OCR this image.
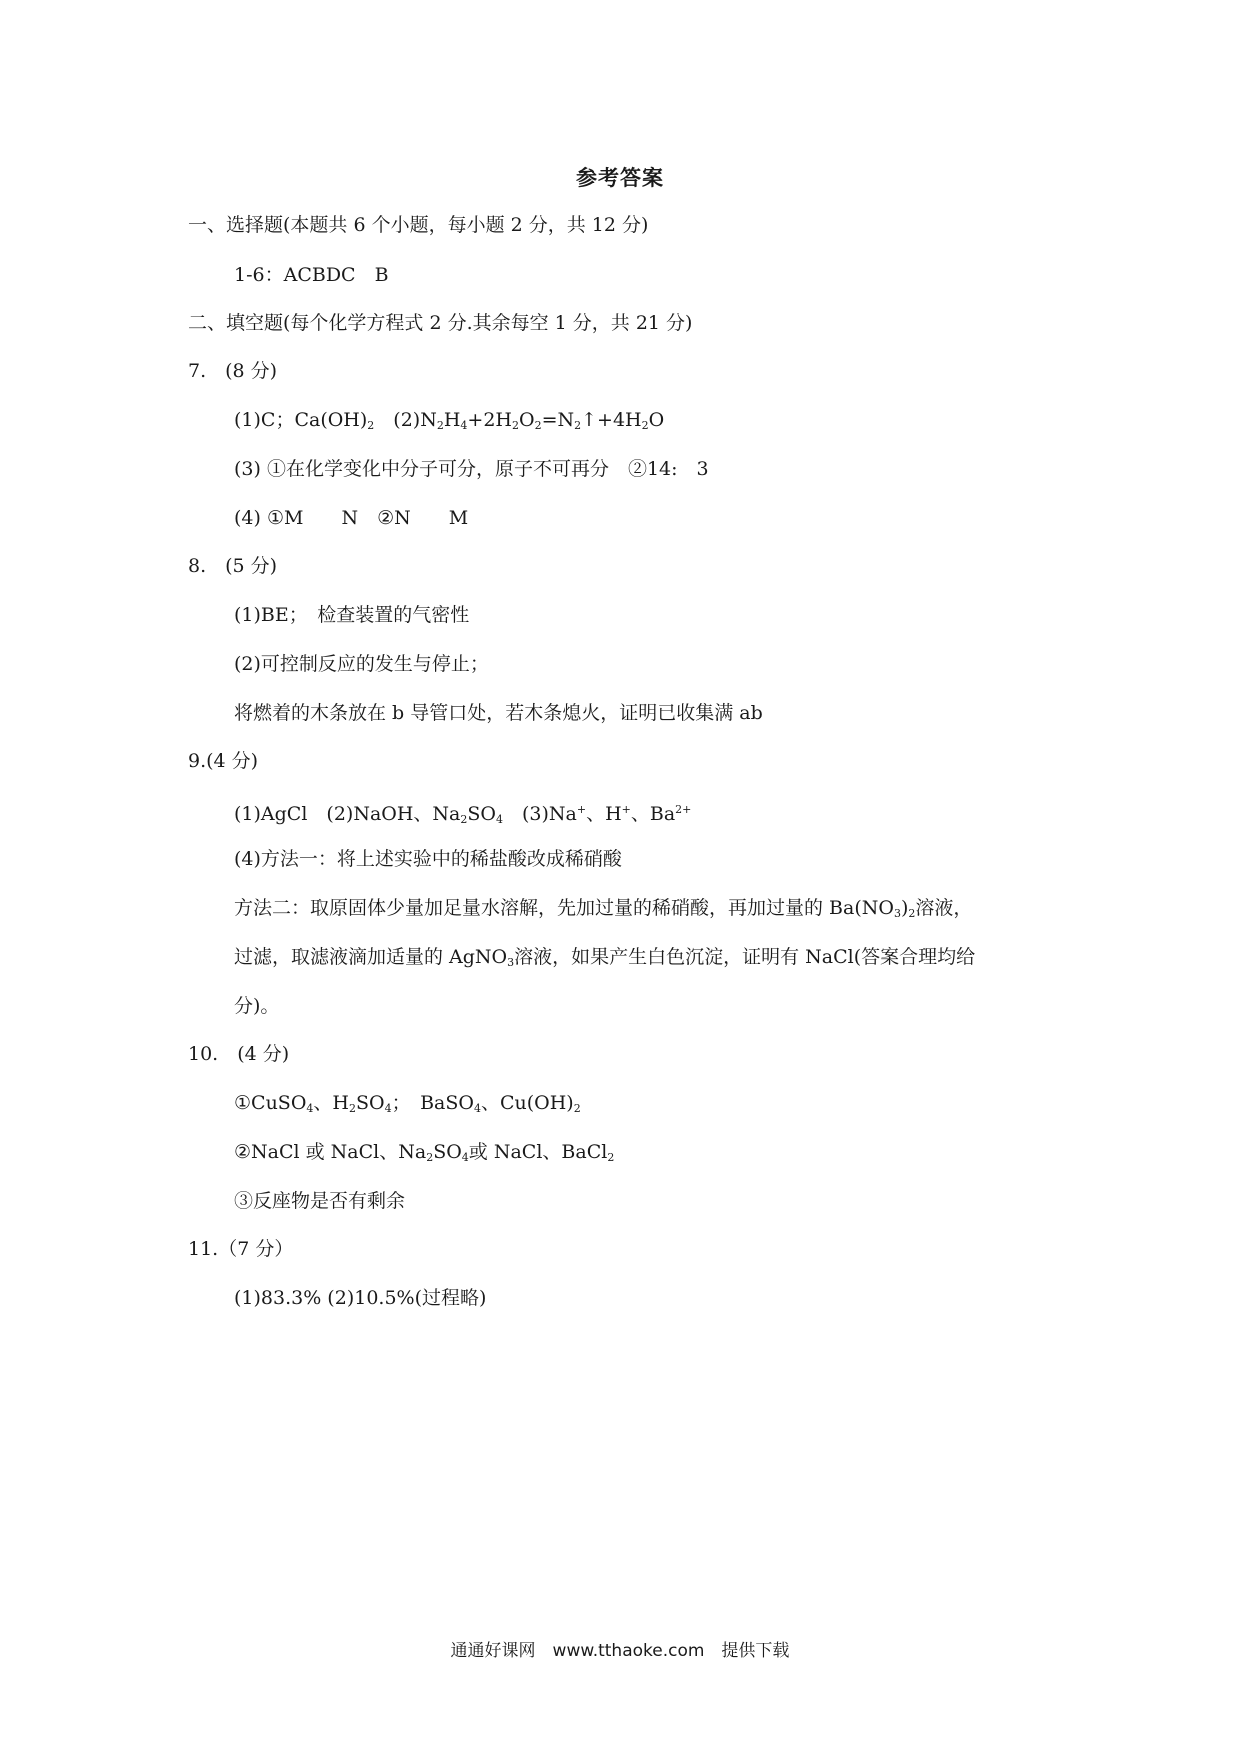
参考答案
一、选择题(本题共 6 个小题，每小题 2 分，共 12 分)
1-6：ACBDC　B
二、填空题(每个化学方程式 2 分.其余每空 1 分，共 21 分)
7.　(8 分)
(1)C；$Ca(OH)_2$　$(2)N_2H_4+2H_2O_2=N_2↑+4H_2O$
(3) ①在化学变化中分子可分，原子不可再分　②14:　3
(4) ①M　　N　②N　　M
8.　(5 分)
(1)BE；　检查装置的气密性
(2)可控制反应的发生与停止；
将燃着的木条放在 b 导管口处，若木条熄火，证明已收集满 ab
9.(4 分)
(1)AgCl　(2)NaOH、$Na_2SO_4$　(3)Na+、H+、$Ba^{2+}$
(4)方法一：将上述实验中的稀盐酸改成稀硝酸
方法二：取原固体少量加足量水溶解，先加过量的稀硝酸，再加过量的 $Ba(NO_3)_2$溶液，
过滤，取滤液滴加适量的 AgNO$_3$溶液，如果产生白色沉淀，证明有 NaCl(答案合理均给
分)。
10.　(4 分)
①CuSO$_4$、$H_2SO_4$；　BaSO$_4$、$Cu(OH)_2$
②NaCl 或 NaCl、$Na_2SO_4$或 NaCl、BaCl$_2$
③反座物是否有剩余
11.（7 分）
(1)83.3% (2)10.5%(过程略)
通通好课网　www.tthaoke.com　提供下载
